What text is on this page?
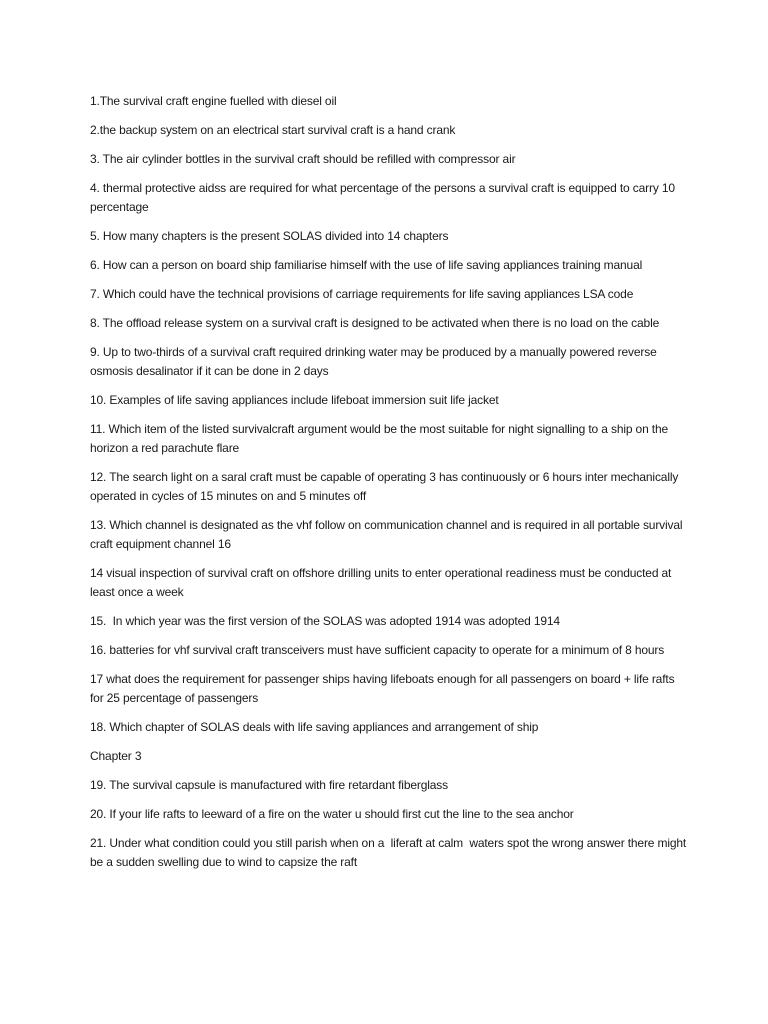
1.The survival craft engine fuelled with diesel oil

2.the backup system on an electrical start survival craft is a hand crank

3. The air cylinder bottles in the survival craft should be refilled with compressor air

4. thermal protective aidss are required for what percentage of the persons a survival craft is equipped to carry 10 percentage

5. How many chapters is the present SOLAS divided into 14 chapters

6. How can a person on board ship familiarise himself with the use of life saving appliances training manual

7. Which could have the technical provisions of carriage requirements for life saving appliances LSA code

8. The offload release system on a survival craft is designed to be activated when there is no load on the cable

9. Up to two-thirds of a survival craft required drinking water may be produced by a manually powered reverse osmosis desalinator if it can be done in 2 days

10. Examples of life saving appliances include lifeboat immersion suit life jacket

11. Which item of the listed survivalcraft argument would be the most suitable for night signalling to a ship on the horizon a red parachute flare

12. The search light on a saral craft must be capable of operating 3 has continuously or 6 hours inter mechanically operated in cycles of 15 minutes on and 5 minutes off

13. Which channel is designated as the vhf follow on communication channel and is required in all portable survival craft equipment channel 16

14 visual inspection of survival craft on offshore drilling units to enter operational readiness must be conducted at least once a week

15.  In which year was the first version of the SOLAS was adopted 1914 was adopted 1914

16. batteries for vhf survival craft transceivers must have sufficient capacity to operate for a minimum of 8 hours

17 what does the requirement for passenger ships having lifeboats enough for all passengers on board + life rafts for 25 percentage of passengers

18. Which chapter of SOLAS deals with life saving appliances and arrangement of ship

Chapter 3

19. The survival capsule is manufactured with fire retardant fiberglass

20. If your life rafts to leeward of a fire on the water u should first cut the line to the sea anchor

21. Under what condition could you still parish when on a  liferaft at calm  waters spot the wrong answer there might be a sudden swelling due to wind to capsize the raft
